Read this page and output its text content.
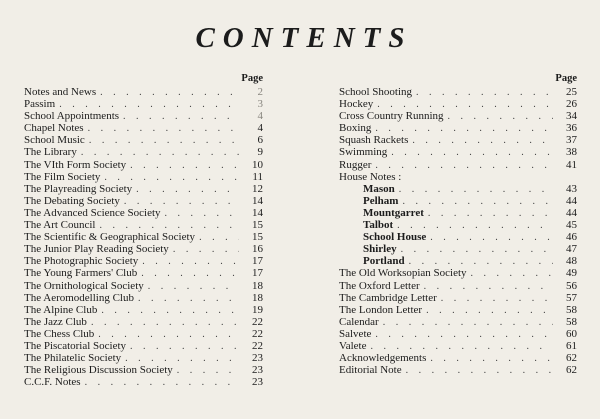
CONTENTS
Page
Notes and News . . .	2
Passim . . .	3
School Appointments . . .	4
Chapel Notes . . .	4
School Music . . .	6
The Library . . .	9
The VIth Form Society . . .	10
The Film Society . . .	11
The Playreading Society . . .	12
The Debating Society . . .	14
The Advanced Science Society . . .	14
The Art Council . . .	15
The Scientific & Geographical Society . . .	15
The Junior Play Reading Society . . .	16
The Photographic Society . . .	17
The Young Farmers' Club . . .	17
The Ornithological Society . . .	18
The Aeromodelling Club . . .	18
The Alpine Club . . .	19
The Jazz Club . . .	22
The Chess Club . . .	22
The Piscatorial Society . . .	22
The Philatelic Society . . .	23
The Religious Discussion Society . . .	23
C.C.F. Notes . . .	23
Page
School Shooting . . .	25
Hockey . . .	26
Cross Country Running . . .	34
Boxing . . .	36
Squash Rackets . . .	37
Swimming . . .	38
Rugger . . .	41
House Notes :
Mason . . .	43
Pelham . . .	44
Mountgarret . . .	44
Talbot . . .	45
School House . . .	46
Shirley . . .	47
Portland . . .	48
The Old Worksopian Society . . .	49
The Oxford Letter . . .	56
The Cambridge Letter . . .	57
The London Letter . . .	58
Calendar . . .	58
Salvete . . .	60
Valete . . .	61
Acknowledgements . . .	62
Editorial Note . . .	62
